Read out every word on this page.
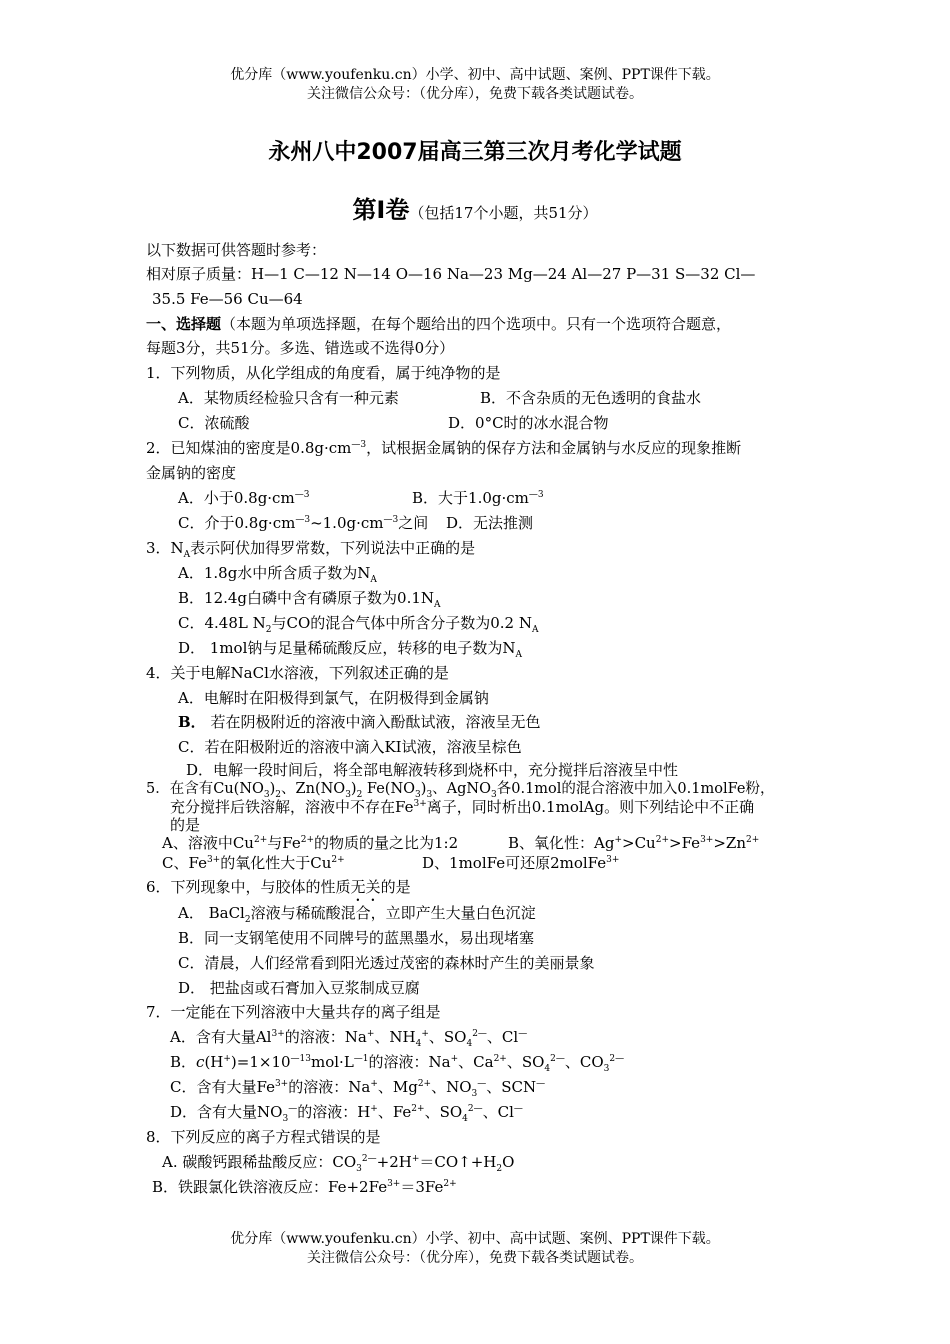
优分库（www.youfenku.cn）小学、初中、高中试题、案例、PPT课件下载。
关注微信公众号：（优分库），免费下载各类试题试卷。
永州八中2007届高三第三次月考化学试题
第Ⅰ卷（包括17个小题，共51分）
以下数据可供答题时参考：
相对原子质量：H—1 C—12 N—14 O—16 Na—23 Mg—24 Al—27 P—31 S—32 Cl—
35.5 Fe—56 Cu—64
一、选择题（本题为单项选择题，在每个题给出的四个选项中。只有一个选项符合题意，
每题3分，共51分。多选、错选或不选得0分）
1．下列物质，从化学组成的角度看，属于纯净物的是
A．某物质经检验只含有一种元素	B．不含杂质的无色透明的食盐水
C．浓硫酸	D．0°C时的冰水混合物
2．已知煤油的密度是$0.8g\cdot cm^{—3}$，试根据金属钠的保存方法和金属钠与水反应的现象推断
金属钠的密度
A．小于$0.8g\cdot cm^{—3}$	B．大于$1.0g\cdot cm^{—3}$
C．介于$0.8g\cdot cm^{—3}\sim 1.0g\cdot cm^{—3}$之间 D．无法推测
3．$N_A$表示阿伏加得罗常数，下列说法中正确的是
A．1.8g水中所含质子数为$N_A$
B．12.4g白磷中含有磷原子数为$0.1N_A$
C．4.48L $N_2$与CO的混合气体中所含分子数为0.2 $N_A$
D． 1mol钠与足量稀硫酸反应，转移的电子数为$N_A$
4．关于电解NaCl水溶液，下列叙述正确的是
A．电解时在阳极得到氯气，在阴极得到金属钠
B． 若在阴极附近的溶液中滴入酚酞试液，溶液呈无色
C．若在阳极附近的溶液中滴入KI试液，溶液呈棕色
D．电解一段时间后，将全部电解液转移到烧杯中，充分搅拌后溶液呈中性
5．在含有$Cu(NO_3)_2$、$Zn(NO_3)_2$ $Fe(NO_3)_3$、AgNO$_3$各0.1mol的混合溶液中加入0.1molFe粉，
充分搅拌后铁溶解，溶液中不存在$Fe^{3+}$离子，同时析出0.1molAg。则下列结论中不正确
的是
A、溶液中$Cu^{2+}$与$Fe^{2+}$的物质的量之比为1:2	B、氧化性：$Ag^+>Cu^{2+}>Fe^{3+}>Zn^{2+}$
C、$Fe^{3+}$的氧化性大于$Cu^{2+}$	D、1molFe可还原2molFe$^{3+}$
6．下列现象中，与胶体的性质无关的是
A． BaCl$_2$溶液与稀硫酸混合，立即产生大量白色沉淀
B．同一支钢笔使用不同牌号的蓝黑墨水，易出现堵塞
C．清晨，人们经常看到阳光透过茂密的森林时产生的美丽景象
D． 把盐卤或石膏加入豆浆制成豆腐
7．一定能在下列溶液中大量共存的离子组是
A．含有大量$Al^{3+}$的溶液：Na+、$NH_4^+$、$SO_4^{2—}$、Cl—
B．$c(H^+)=1\times 10^{—13}mol\cdot L^{—1}$的溶液：Na+、$Ca^{2+}$、$SO_4^{2—}$、$CO_3^{2—}$
C．含有大量$Fe^{3+}$的溶液：Na+、$Mg^{2+}$、$NO_3^—$、SCN—
D．含有大量$NO_3^—$的溶液：H+、$Fe^{2+}$、$SO_4^{2—}$、Cl—
8．下列反应的离子方程式错误的是
A. 碳酸钙跟稀盐酸反应：$CO_3^{2—}+2H^+=CO↑+H_2O$
B．铁跟氯化铁溶液反应：$Fe+2Fe^{3+}=3Fe^{2+}$
优分库（www.youfenku.cn）小学、初中、高中试题、案例、PPT课件下载。
关注微信公众号：（优分库），免费下载各类试题试卷。
